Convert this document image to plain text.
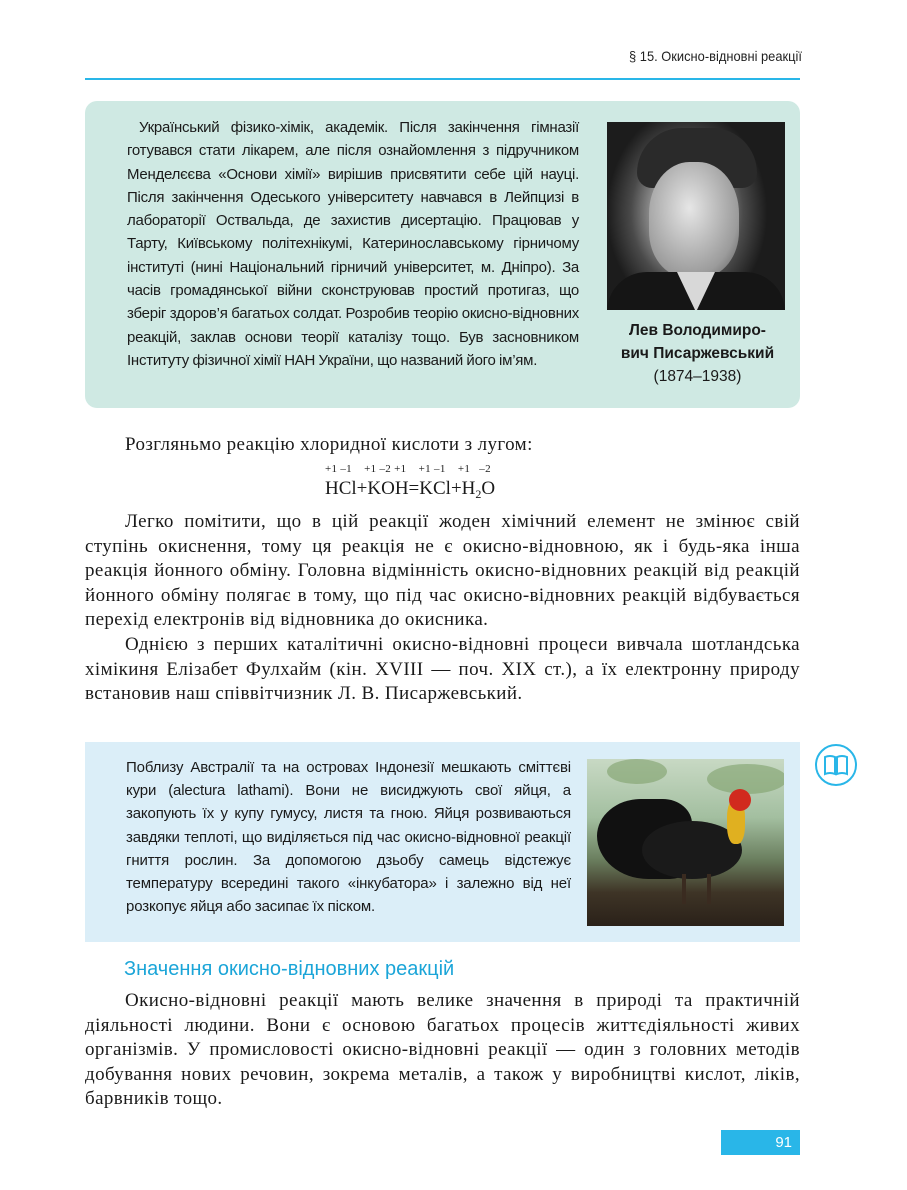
§ 15. Окисно-відновні реакції
Український фізико-хімік, академік. Після закінчення гімназії готувався стати лікарем, але після ознайомлення з підручником Менделєєва «Основи хімії» вирішив присвятити себе цій науці. Після закінчення Одеського університету навчався в Лейпцизі в лабораторії Оствальда, де захистив дисертацію. Працював у Тарту, Київському політехнікумі, Катеринославському гірничому інституті (нині Національний гірничий університет, м. Дніпро). За часів громадянської війни сконструював простий протигаз, що зберіг здоров’я багатьох солдат. Розробив теорію окисно-відновних реакцій, заклав основи теорії каталізу тощо. Був засновником Інституту фізичної хімії НАН України, що названий його ім’ям.
Лев Володимиро-
вич Писаржевський
(1874–1938)

Розгляньмо реакцію хлоридної кислоти з лугом:

+1 –1    +1 –2 +1    +1 –1    +1   –2
$HCl+KOH=KCl+H_2O$

Легко помітити, що в цій реакції жоден хімічний елемент не змінює свій ступінь окиснення, тому ця реакція не є окисно-відновною, як і будь-яка інша реакція йонного обміну. Головна відмінність окисно-відновних реакцій від реакцій йонного обміну полягає в тому, що під час окисно-відновних реакцій відбувається перехід електронів від відновника до окисника.

Однією з перших каталітичні окисно-відновні процеси вивчала шотландська хімікиня Елізабет Фулхайм (кін. XVIII — поч. XIX ст.), а їх електронну природу встановив наш співвітчизник Л. В. Писаржевський.

Поблизу Австралії та на островах Індонезії мешкають сміттєві кури (alectura lathami). Вони не висиджують свої яйця, а закопують їх у купу гумусу, листя та гною. Яйця розвиваються завдяки теплоті, що виділяється під час окисно-відновної реакції гниття рослин. За допомогою дзьобу самець відстежує температуру всередині такого «інкубатора» і залежно від неї розкопує яйця або засипає їх піском.
Значення окисно-відновних реакцій

Окисно-відновні реакції мають велике значення в природі та практичній діяльності людини. Вони є основою багатьох процесів життєдіяльності живих організмів. У промисловості окисно-відновні реакції — один з головних методів добування нових речовин, зокрема металів, а також у виробництві кислот, ліків, барвників тощо.

91
